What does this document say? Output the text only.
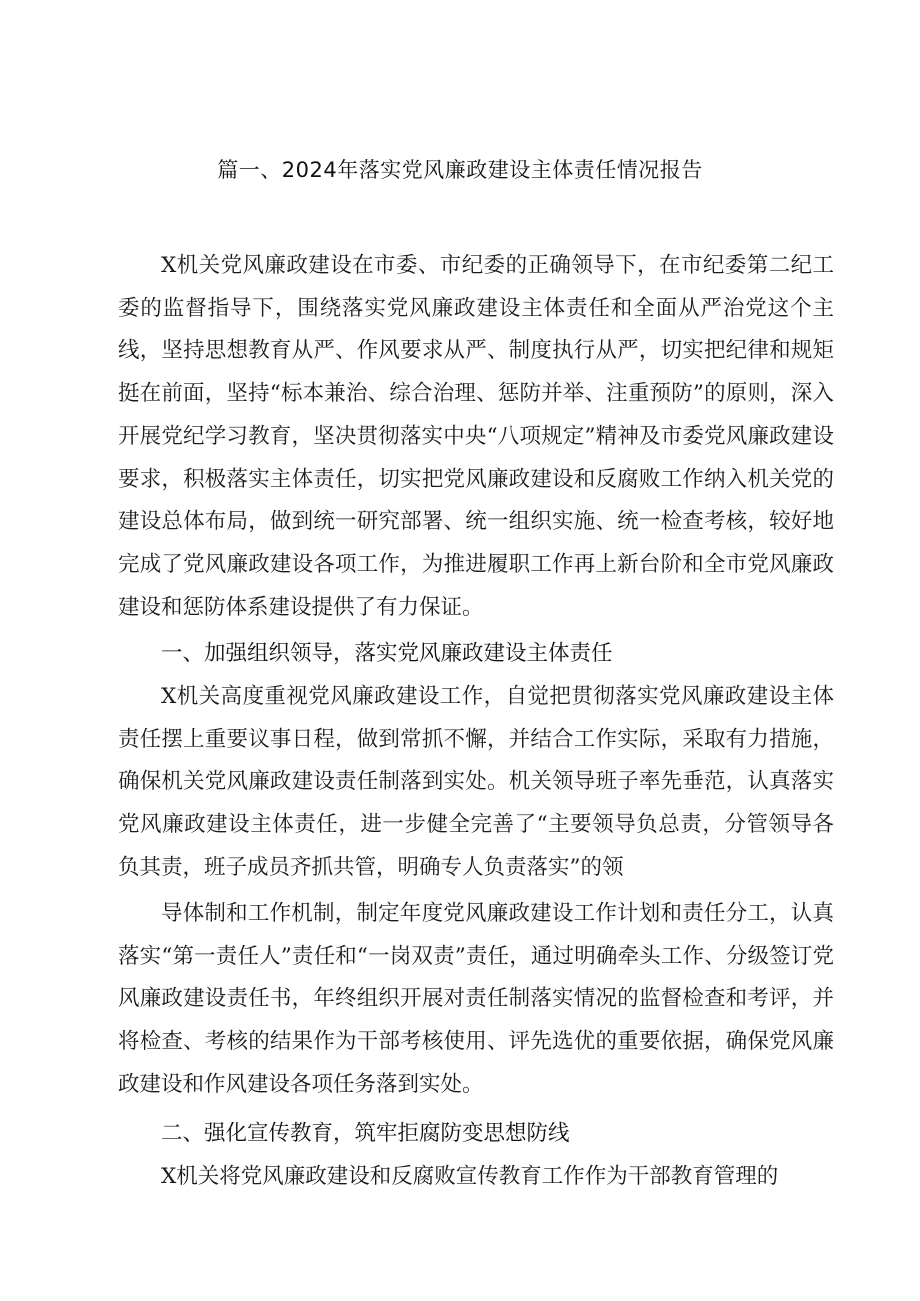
篇一、2024年落实党风廉政建设主体责任情况报告

X机关党风廉政建设在市委、市纪委的正确领导下，在市纪委第二纪工委的监督指导下，围绕落实党风廉政建设主体责任和全面从严治党这个主线，坚持思想教育从严、作风要求从严、制度执行从严，切实把纪律和规矩挺在前面，坚持“标本兼治、综合治理、惩防并举、注重预防”的原则，深入开展党纪学习教育，坚决贯彻落实中央“八项规定”精神及市委党风廉政建设要求，积极落实主体责任，切实把党风廉政建设和反腐败工作纳入机关党的建设总体布局，做到统一研究部署、统一组织实施、统一检查考核，较好地完成了党风廉政建设各项工作，为推进履职工作再上新台阶和全市党风廉政建设和惩防体系建设提供了有力保证。

一、加强组织领导，落实党风廉政建设主体责任

X机关高度重视党风廉政建设工作，自觉把贯彻落实党风廉政建设主体责任摆上重要议事日程，做到常抓不懈，并结合工作实际，采取有力措施，确保机关党风廉政建设责任制落到实处。机关领导班子率先垂范，认真落实党风廉政建设主体责任，进一步健全完善了“主要领导负总责，分管领导各负其责，班子成员齐抓共管，明确专人负责落实”的领

导体制和工作机制，制定年度党风廉政建设工作计划和责任分工，认真落实“第一责任人”责任和“一岗双责”责任，通过明确牵头工作、分级签订党风廉政建设责任书，年终组织开展对责任制落实情况的监督检查和考评，并将检查、考核的结果作为干部考核使用、评先选优的重要依据，确保党风廉政建设和作风建设各项任务落到实处。

二、强化宣传教育，筑牢拒腐防变思想防线

X机关将党风廉政建设和反腐败宣传教育工作作为干部教育管理的
